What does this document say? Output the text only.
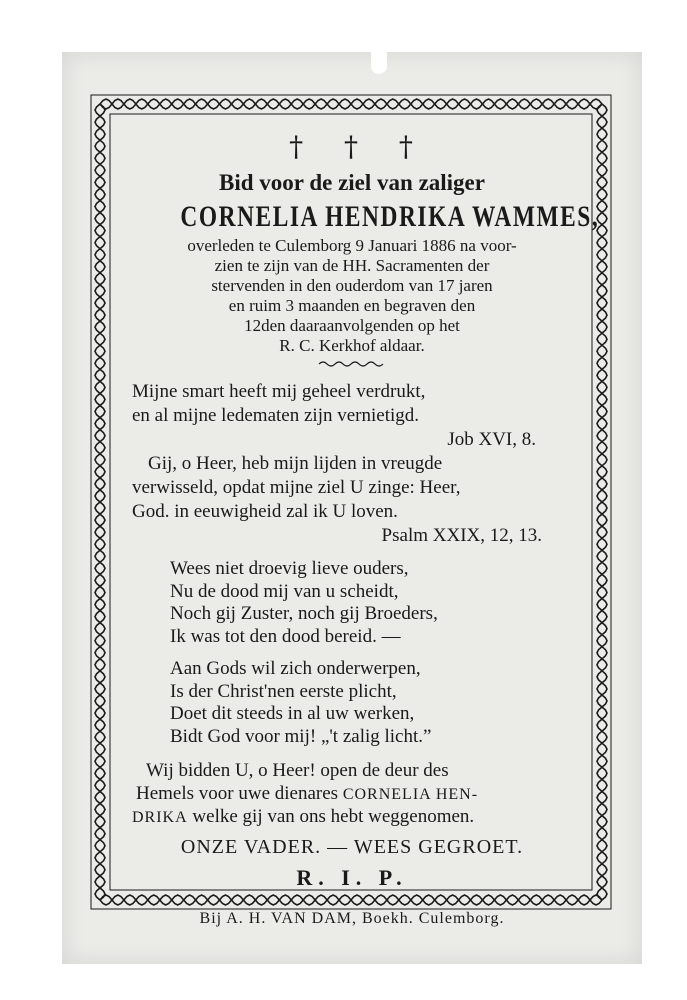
† † †
Bid voor de ziel van zaliger
CORNELIA HENDRIKA WAMMES,
overleden te Culemborg 9 Januari 1886 na voor-
zien te zijn van de HH. Sacramenten der
stervenden in den ouderdom van 17 jaren
en ruim 3 maanden en begraven den
12den daaraanvolgenden op het
R. C. Kerkhof aldaar.
Mijne smart heeft mij geheel verdrukt,
en al mijne ledematen zijn vernietigd.
Job XVI, 8.
Gij, o Heer, heb mijn lijden in vreugde
verwisseld, opdat mijne ziel U zinge: Heer,
God. in eeuwigheid zal ik U loven.
Psalm XXIX, 12, 13.
Wees niet droevig lieve ouders,
Nu de dood mij van u scheidt,
Noch gij Zuster, noch gij Broeders,
Ik was tot den dood bereid. —
Aan Gods wil zich onderwerpen,
Is der Christ'nen eerste plicht,
Doet dit steeds in al uw werken,
Bidt God voor mij! „'t zalig licht.”
Wij bidden U, o Heer! open de deur des
Hemels voor uwe dienares CORNELIA HEN-
DRIKA welke gij van ons hebt weggenomen.
ONZE VADER. — WEES GEGROET.
R. I. P.
Bij A. H. VAN DAM, Boekh. Culemborg.
